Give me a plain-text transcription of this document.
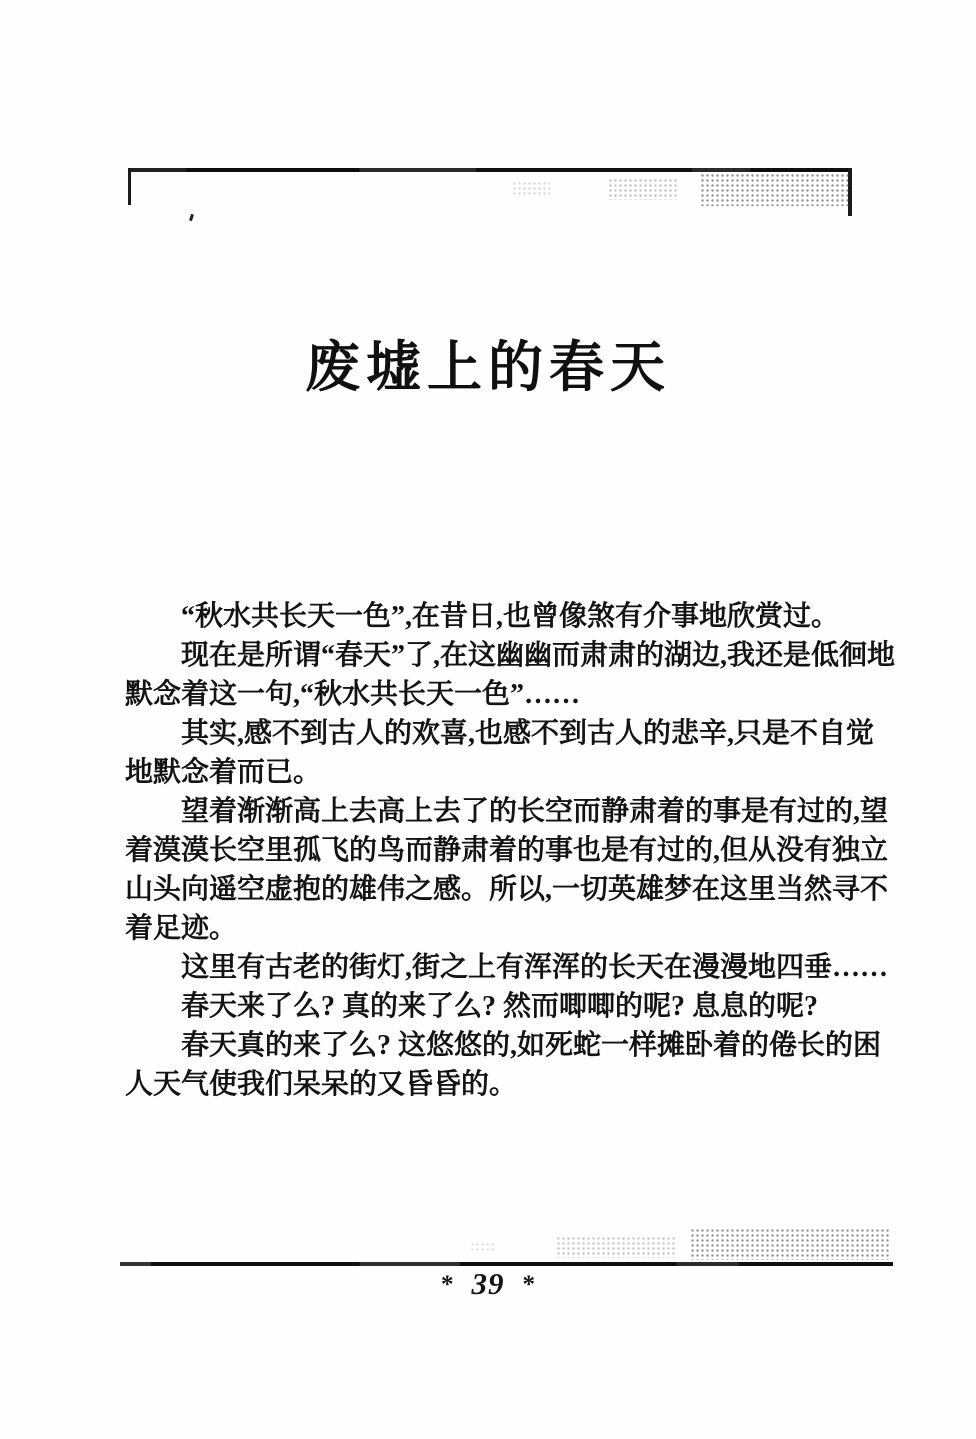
废墟上的春天
“秋水共长天一色”,在昔日,也曾像煞有介事地欣赏过。
现在是所谓“春天”了,在这幽幽而肃肃的湖边,我还是低徊地
默念着这一句,“秋水共长天一色”……
其实,感不到古人的欢喜,也感不到古人的悲辛,只是不自觉
地默念着而已。
望着渐渐高上去高上去了的长空而静肃着的事是有过的,望
着漠漠长空里孤飞的鸟而静肃着的事也是有过的,但从没有独立
山头向遥空虚抱的雄伟之感。所以,一切英雄梦在这里当然寻不
着足迹。
这里有古老的街灯,街之上有浑浑的长天在漫漫地四垂……
春天来了么? 真的来了么? 然而唧唧的呢? 息息的呢?
春天真的来了么? 这悠悠的,如死蛇一样摊卧着的倦长的困
人天气使我们呆呆的又昏昏的。
* 39 *
